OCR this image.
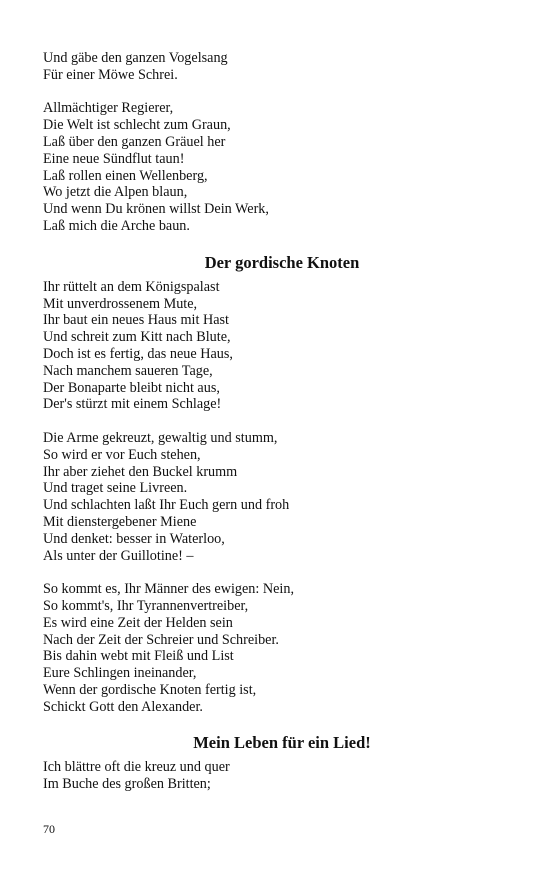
Und gäbe den ganzen Vogelsang
Für einer Möwe Schrei.
Allmächtiger Regierer,
Die Welt ist schlecht zum Graun,
Laß über den ganzen Gräuel her
Eine neue Sündflut taun!
Laß rollen einen Wellenberg,
Wo jetzt die Alpen blaun,
Und wenn Du krönen willst Dein Werk,
Laß mich die Arche baun.
Der gordische Knoten
Ihr rüttelt an dem Königspalast
Mit unverdrossenem Mute,
Ihr baut ein neues Haus mit Hast
Und schreit zum Kitt nach Blute,
Doch ist es fertig, das neue Haus,
Nach manchem saueren Tage,
Der Bonaparte bleibt nicht aus,
Der's stürzt mit einem Schlage!
Die Arme gekreuzt, gewaltig und stumm,
So wird er vor Euch stehen,
Ihr aber ziehet den Buckel krumm
Und traget seine Livreen.
Und schlachten laßt Ihr Euch gern und froh
Mit dienstergebener Miene
Und denket: besser in Waterloo,
Als unter der Guillotine! –
So kommt es, Ihr Männer des ewigen: Nein,
So kommt's, Ihr Tyrannenvertreiber,
Es wird eine Zeit der Helden sein
Nach der Zeit der Schreier und Schreiber.
Bis dahin webt mit Fleiß und List
Eure Schlingen ineinander,
Wenn der gordische Knoten fertig ist,
Schickt Gott den Alexander.
Mein Leben für ein Lied!
Ich blättre oft die kreuz und quer
Im Buche des großen Britten;
70
